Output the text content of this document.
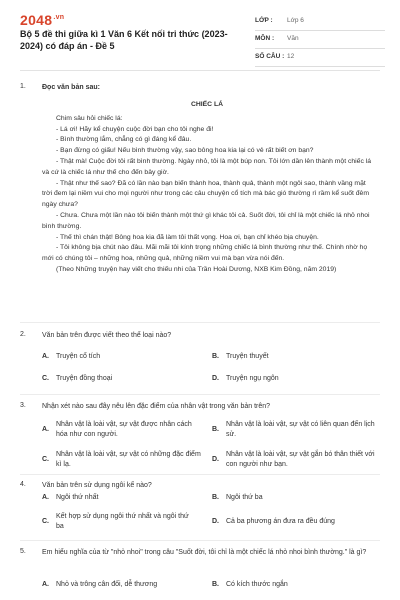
$2048^{.vn}$
Bộ 5 đề thi giữa kì 1 Văn 6 Kết nối tri thức (2023-2024) có đáp án - Đề 5
LỚP : Lớp 6
MÔN : Văn
SỐ CÂU : 12
1.	Đọc văn bản sau:
CHIẾC LÁ

Chim sâu hỏi chiếc lá:

- Lá ơi! Hãy kể chuyện cuộc đời bạn cho tôi nghe đi!

- Bình thường lắm, chẳng có gì đáng kể đâu.

- Bạn đừng có giấu! Nếu bình thường vậy, sao bông hoa kia lại có vẻ rất biết ơn bạn?

- Thật mà! Cuộc đời tôi rất bình thường. Ngày nhỏ, tôi là một búp non. Tôi lớn dần lên thành một chiếc lá và cứ là chiếc lá như thế cho đến bây giờ.

- Thật như thế sao? Đã có lần nào bạn biến thành hoa, thành quả, thành một ngôi sao, thành vầng mặt trời đem lại niềm vui cho mọi người như trong các câu chuyện cổ tích mà bác gió thường rì rầm kể suốt đêm ngày chưa?

- Chưa. Chưa một lần nào tôi biến thành một thứ gì khác tôi cả. Suốt đời, tôi chỉ là một chiếc lá nhỏ nhoi bình thường.

- Thế thì chán thật! Bông hoa kia đã làm tôi thất vọng. Hoa ơi, bạn chỉ khéo bịa chuyện.

- Tôi không bịa chút nào đâu. Mãi mãi tôi kính trọng những chiếc lá bình thường như thế. Chính nhờ họ mới có chúng tôi – những hoa, những quả, những niềm vui mà bạn vừa nói đến.

(Theo Những truyện hay viết cho thiếu nhi của Trần Hoài Dương, NXB Kim Đồng, năm 2019)

2.	Văn bản trên được viết theo thể loại nào?
A. Truyện cổ tích	B. Truyện thuyết
C. Truyện đồng thoại	D. Truyện ngụ ngôn
3.	Nhận xét nào sau đây nêu lên đặc điểm của nhân vật trong văn bản trên?
A.
Nhân vật là loài vật, sự vật được nhân cách hóa như con người.
B.
Nhân vật là loài vật, sự vật có liên quan đến lịch sử.
C.
Nhân vật là loài vật, sự vật có những đặc điểm kì lạ.
D.
Nhân vật là loài vật, sự vật gắn bó thân thiết với con người như bạn.
4.	Văn bản trên sử dụng ngôi kể nào?
A. Ngôi thứ nhất	B. Ngôi thứ ba
C.
Kết hợp sử dụng ngôi thứ nhất và ngôi thứ ba
D. Cả ba phương án đưa ra đều đúng
5.	Em hiểu nghĩa của từ "nhỏ nhoi" trong câu "Suốt đời, tôi chỉ là một chiếc lá nhỏ nhoi bình thường." là gì?
A. Nhỏ và trông cân đối, dễ thương	B. Có kích thước ngắn
